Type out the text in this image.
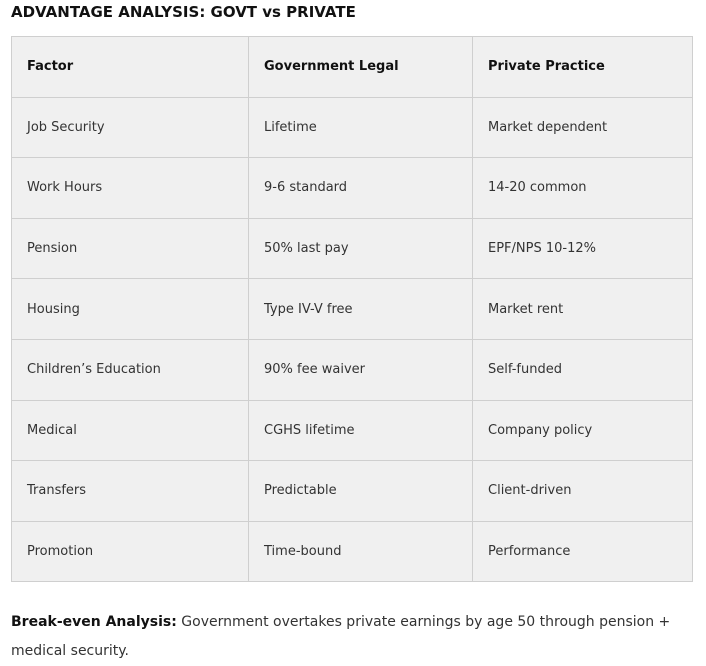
ADVANTAGE ANALYSIS: GOVT vs PRIVATE
Factor	Government Legal	Private Practice
Job Security	Lifetime	Market dependent
Work Hours	9-6 standard	14-20 common
Pension	50% last pay	EPF/NPS 10-12%
Housing	Type IV-V free	Market rent
Children’s Education	90% fee waiver	Self-funded
Medical	CGHS lifetime	Company policy
Transfers	Predictable	Client-driven
Promotion	Time-bound	Performance

Break-even Analysis: Government overtakes private earnings by age 50 through pension + medical security.
